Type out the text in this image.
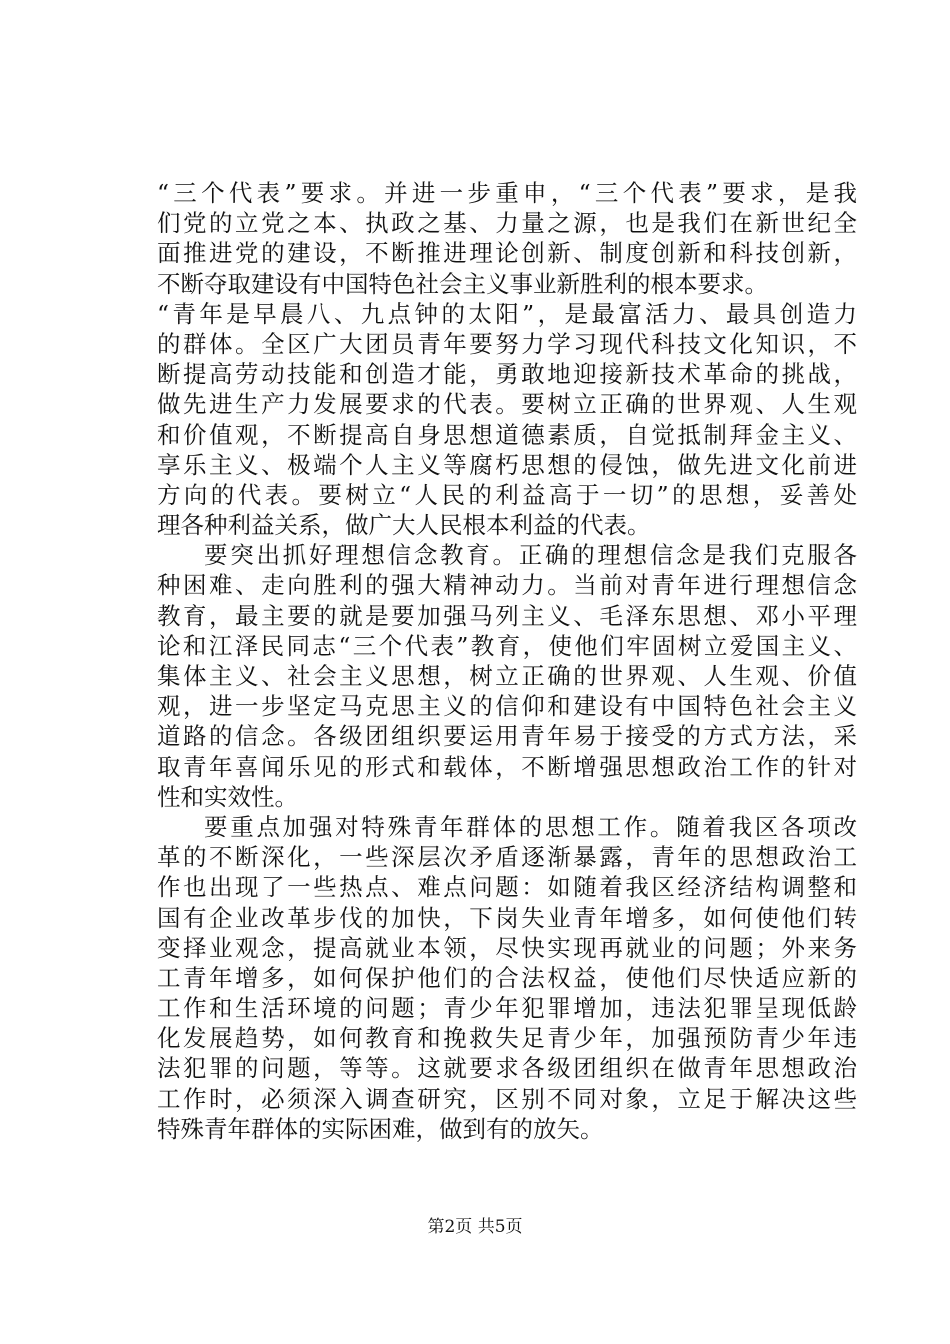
“三个代表”要求。并进一步重申，“三个代表”要求，是我
们党的立党之本、执政之基、力量之源，也是我们在新世纪全
面推进党的建设，不断推进理论创新、制度创新和科技创新，
不断夺取建设有中国特色社会主义事业新胜利的根本要求。
“青年是早晨八、九点钟的太阳”，是最富活力、最具创造力
的群体。全区广大团员青年要努力学习现代科技文化知识，不
断提高劳动技能和创造才能，勇敢地迎接新技术革命的挑战，
做先进生产力发展要求的代表。要树立正确的世界观、人生观
和价值观，不断提高自身思想道德素质，自觉抵制拜金主义、
享乐主义、极端个人主义等腐朽思想的侵蚀，做先进文化前进
方向的代表。要树立“人民的利益高于一切”的思想，妥善处
理各种利益关系，做广大人民根本利益的代表。
要突出抓好理想信念教育。正确的理想信念是我们克服各
种困难、走向胜利的强大精神动力。当前对青年进行理想信念
教育，最主要的就是要加强马列主义、毛泽东思想、邓小平理
论和江泽民同志“三个代表”教育，使他们牢固树立爱国主义、
集体主义、社会主义思想，树立正确的世界观、人生观、价值
观，进一步坚定马克思主义的信仰和建设有中国特色社会主义
道路的信念。各级团组织要运用青年易于接受的方式方法，采
取青年喜闻乐见的形式和载体，不断增强思想政治工作的针对
性和实效性。
要重点加强对特殊青年群体的思想工作。随着我区各项改
革的不断深化，一些深层次矛盾逐渐暴露，青年的思想政治工
作也出现了一些热点、难点问题：如随着我区经济结构调整和
国有企业改革步伐的加快，下岗失业青年增多，如何使他们转
变择业观念，提高就业本领，尽快实现再就业的问题；外来务
工青年增多，如何保护他们的合法权益，使他们尽快适应新的
工作和生活环境的问题；青少年犯罪增加，违法犯罪呈现低龄
化发展趋势，如何教育和挽救失足青少年，加强预防青少年违
法犯罪的问题，等等。这就要求各级团组织在做青年思想政治
工作时，必须深入调查研究，区别不同对象，立足于解决这些
特殊青年群体的实际困难，做到有的放矢。
第2页 共5页
